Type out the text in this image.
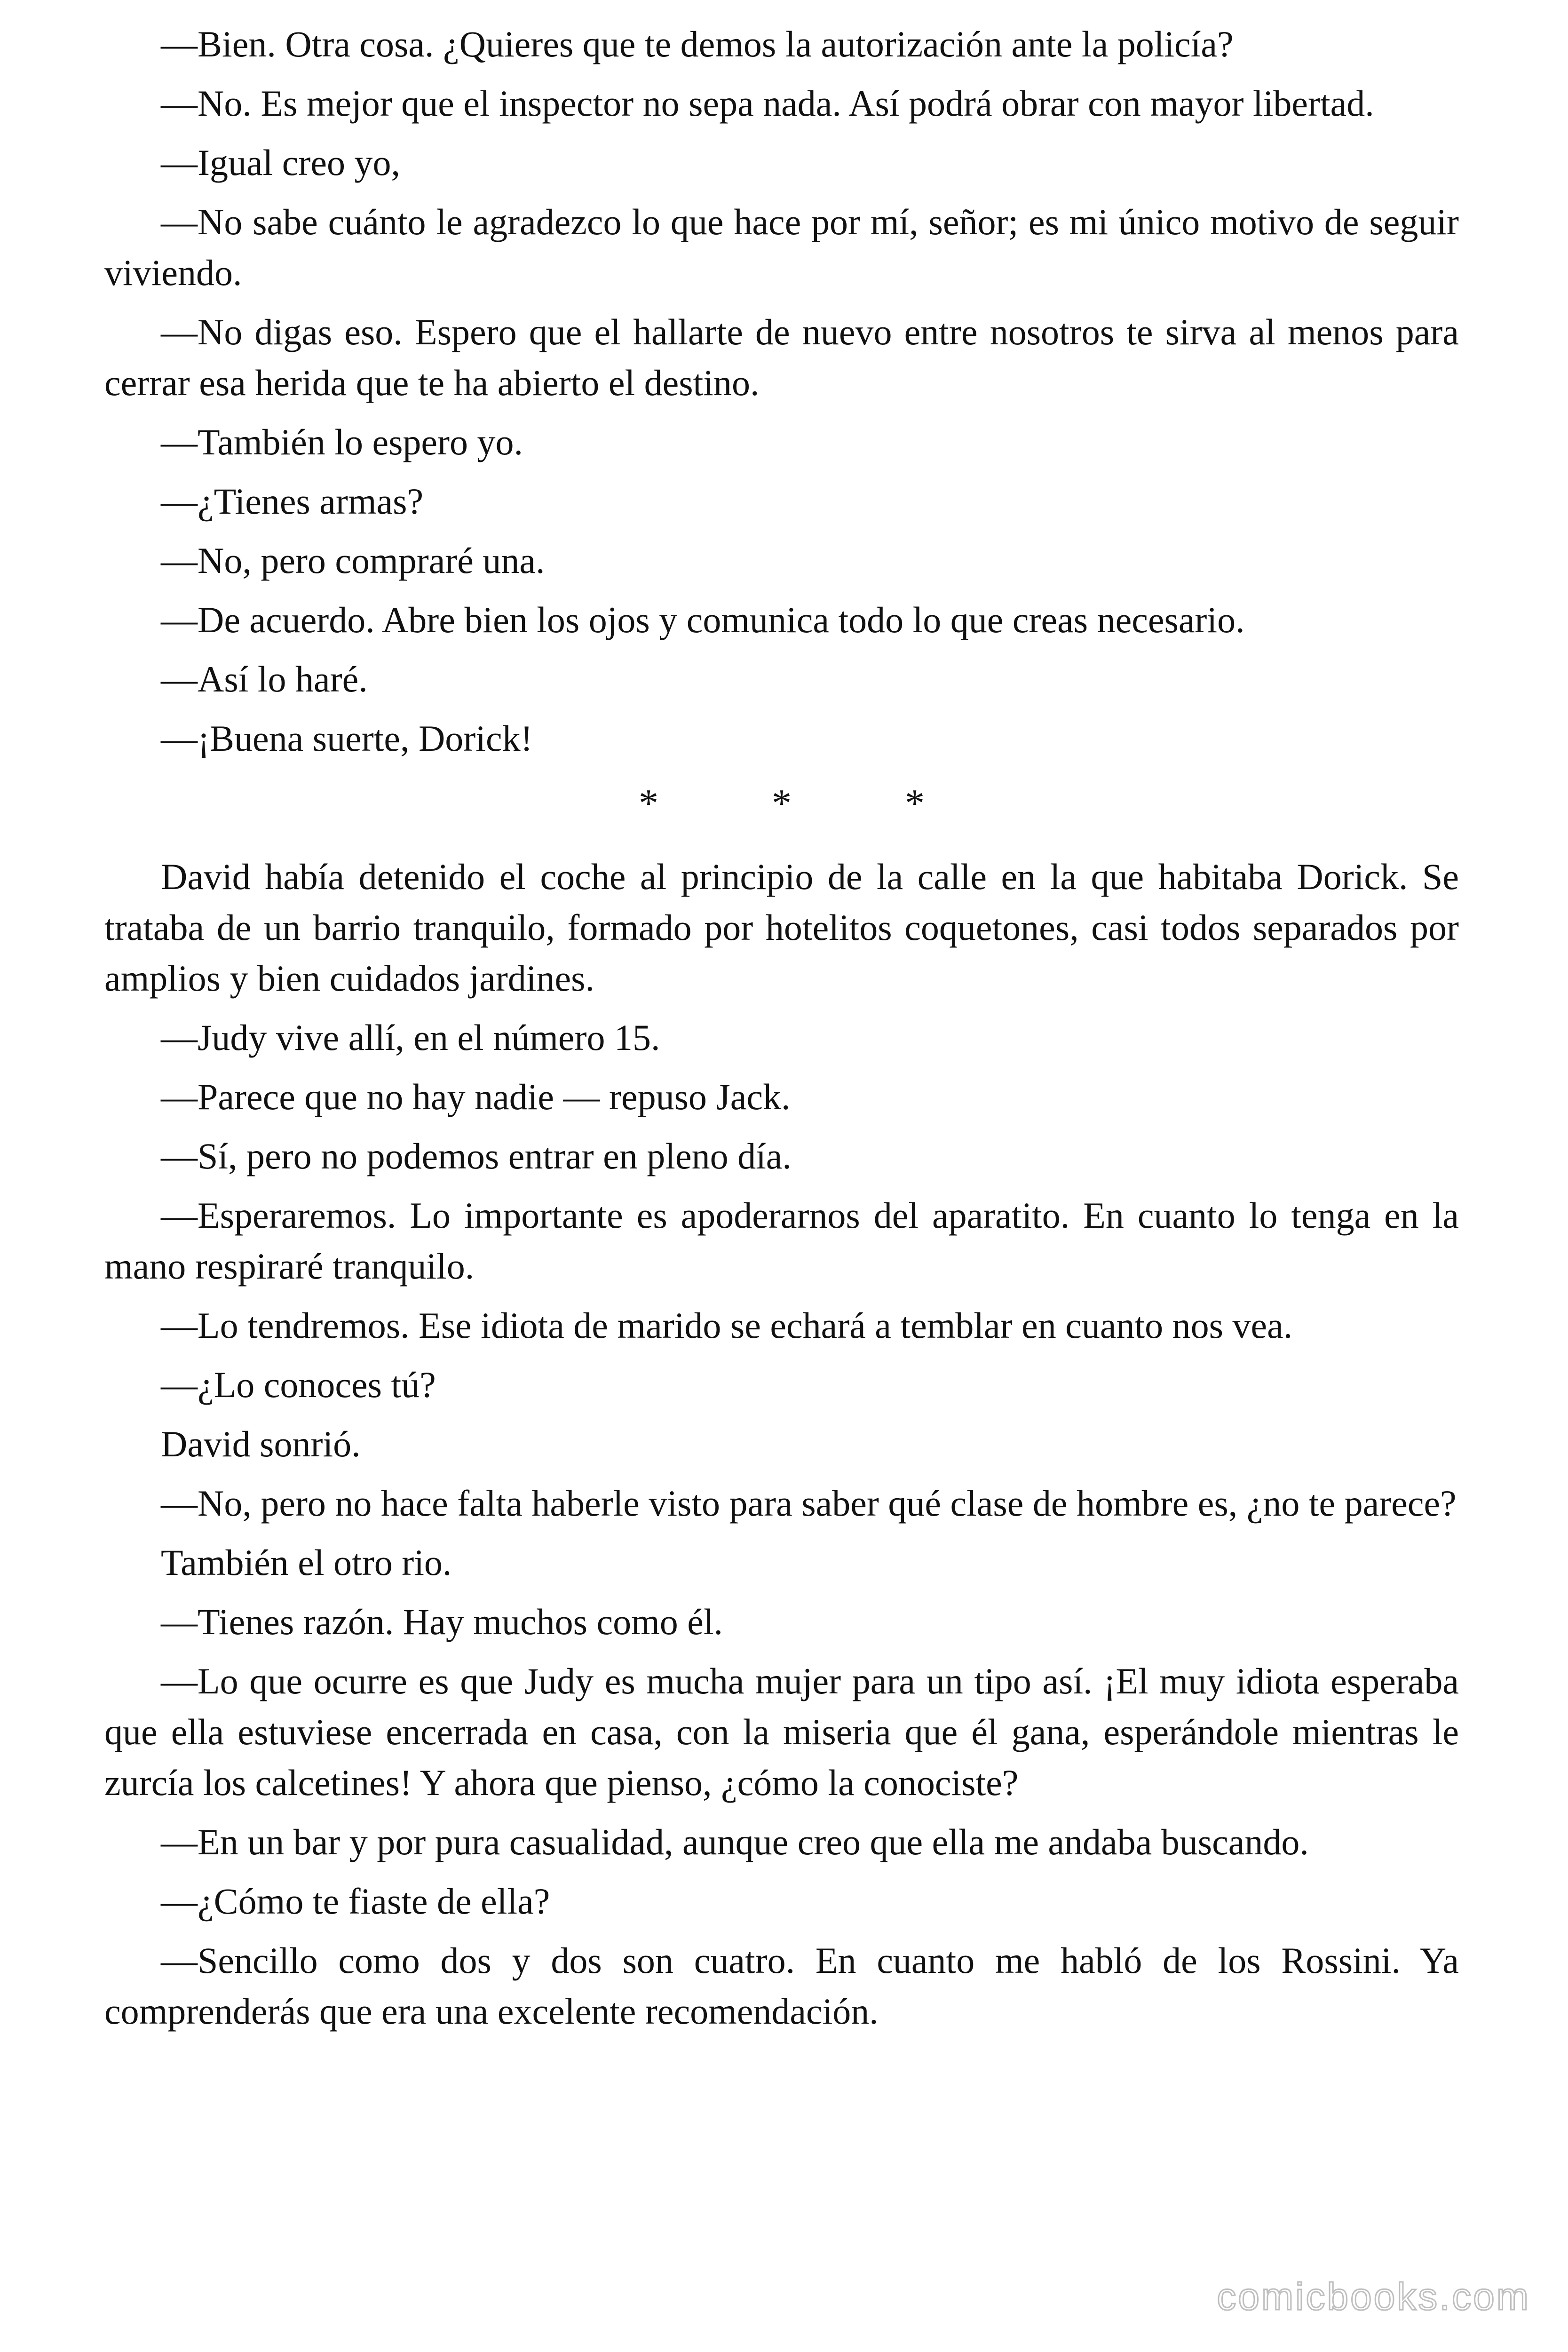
—Bien. Otra cosa. ¿Quieres que te demos la autorización ante la policía?

—No. Es mejor que el inspector no sepa nada. Así podrá obrar con mayor libertad.

—Igual creo yo,

—No sabe cuánto le agradezco lo que hace por mí, señor; es mi único motivo de seguir viviendo.

—No digas eso. Espero que el hallarte de nuevo entre nosotros te sirva al menos para cerrar esa herida que te ha abierto el destino.

—También lo espero yo.

—¿Tienes armas?

—No, pero compraré una.

—De acuerdo. Abre bien los ojos y comunica todo lo que creas necesario.

—Así lo haré.

—¡Buena suerte, Dorick!

* * *

David había detenido el coche al principio de la calle en la que habitaba Dorick. Se trataba de un barrio tranquilo, formado por hotelitos coquetones, casi todos separados por amplios y bien cuidados jardines.

—Judy vive allí, en el número 15.

—Parece que no hay nadie — repuso Jack.

—Sí, pero no podemos entrar en pleno día.

—Esperaremos. Lo importante es apoderarnos del aparatito. En cuanto lo tenga en la mano respiraré tranquilo.

—Lo tendremos. Ese idiota de marido se echará a temblar en cuanto nos vea.

—¿Lo conoces tú?

David sonrió.

—No, pero no hace falta haberle visto para saber qué clase de hombre es, ¿no te parece?

También el otro rio.

—Tienes razón. Hay muchos como él.

—Lo que ocurre es que Judy es mucha mujer para un tipo así. ¡El muy idiota esperaba que ella estuviese encerrada en casa, con la miseria que él gana, esperándole mientras le zurcía los calcetines! Y ahora que pienso, ¿cómo la conociste?

—En un bar y por pura casualidad, aunque creo que ella me andaba buscando.

—¿Cómo te fiaste de ella?

—Sencillo como dos y dos son cuatro. En cuanto me habló de los Rossini. Ya comprenderás que era una excelente recomendación.

comicbooks.com
